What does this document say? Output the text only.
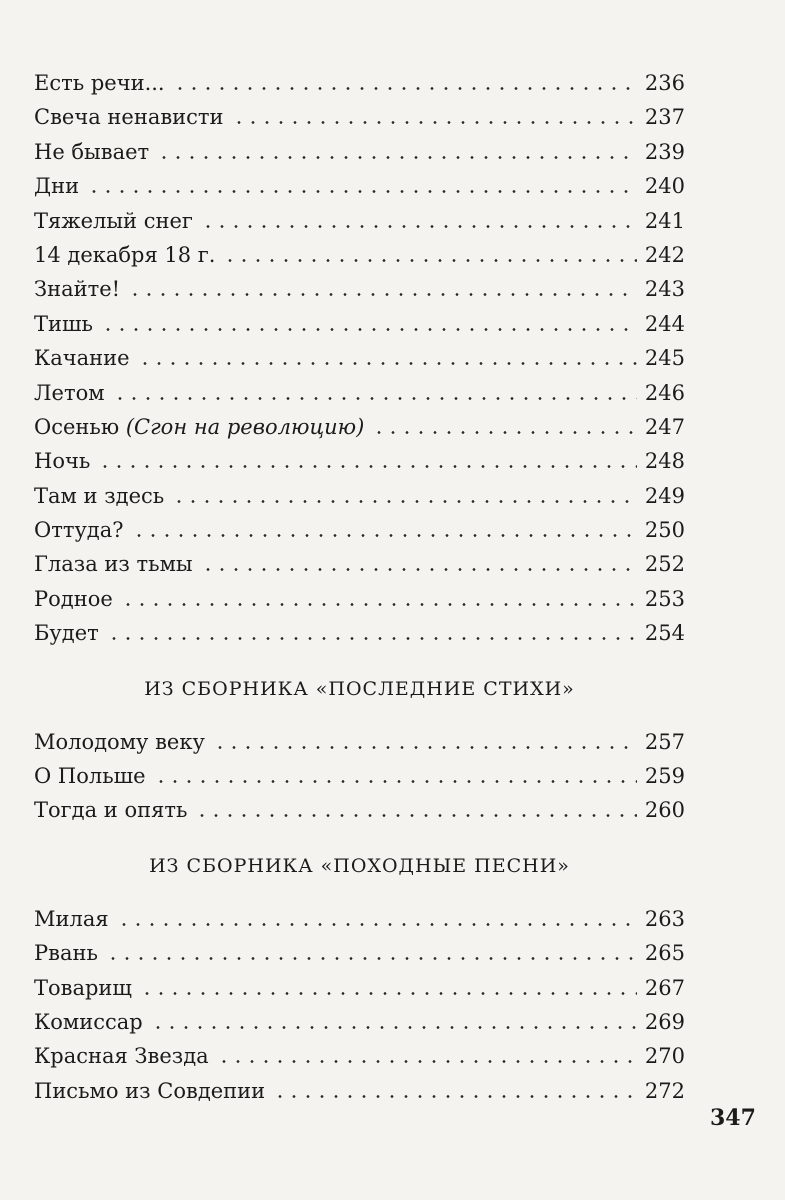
Есть речи...	236
Свеча ненависти	237
Не бывает	239
Дни	240
Тяжелый снег	241
14 декабря 18 г.	242
Знайте!	243
Тишь	244
Качание	245
Летом	246
Осенью (Сгон на революцию)	247
Ночь	248
Там и здесь	249
Оттуда?	250
Глаза из тьмы	252
Родное	253
Будет	254
ИЗ СБОРНИКА «ПОСЛЕДНИЕ СТИХИ»
Молодому веку	257
О Польше	259
Тогда и опять	260
ИЗ СБОРНИКА «ПОХОДНЫЕ ПЕСНИ»
Милая	263
Рвань	265
Товарищ	267
Комиссар	269
Красная Звезда	270
Письмо из Совдепии	272
347
